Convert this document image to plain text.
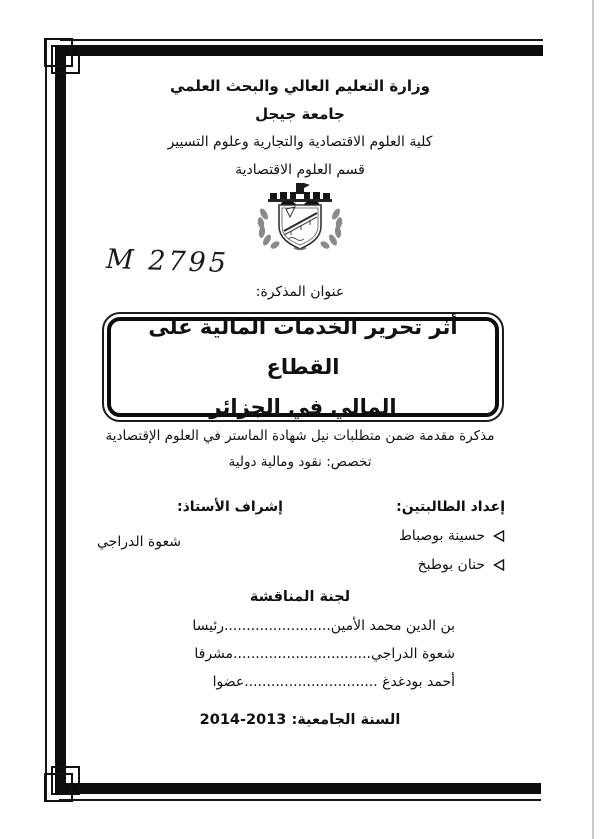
وزارة التعليم العالي والبحث العلمي
جامعة جيجل
كلية العلوم الاقتصادية والتجارية وعلوم التسيير
قسم العلوم الاقتصادية
M 2795
عنوان المذكرة:
أثر تحرير الخدمات المالية على القطاع
المالي في الجزائر
مذكرة مقدمة ضمن متطلبات نيل شهادة الماستر في العلوم الإقتصادية
تخصص: نقود ومالية دولية
إعداد الطالبتين:
حسينة بوصباط
حنان بوطبخ
إشراف الأستاذ:
شعوة الدراجي
لجنة المناقشة
بن الدين محمد الأمين........................رئيسا
شعوة الدراجي...............................مشرفا
أحمد بودغدغ ..............................عضوا
السنة الجامعية: 2014-2013
